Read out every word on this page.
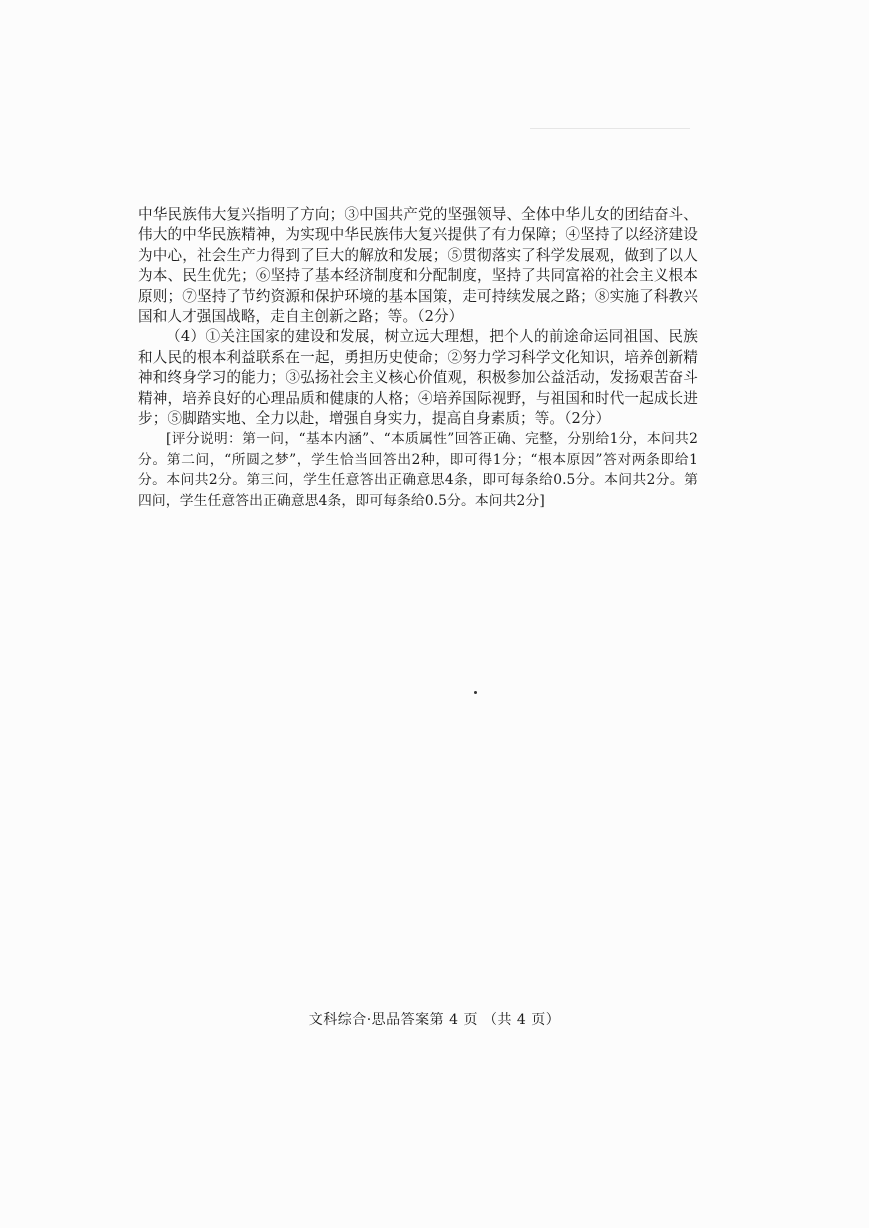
中华民族伟大复兴指明了方向；③中国共产党的坚强领导、全体中华儿女的团结奋斗、伟大的中华民族精神，为实现中华民族伟大复兴提供了有力保障；④坚持了以经济建设为中心，社会生产力得到了巨大的解放和发展；⑤贯彻落实了科学发展观，做到了以人为本、民生优先；⑥坚持了基本经济制度和分配制度，坚持了共同富裕的社会主义根本原则；⑦坚持了节约资源和保护环境的基本国策，走可持续发展之路；⑧实施了科教兴国和人才强国战略，走自主创新之路；等。（2分）

（4）①关注国家的建设和发展，树立远大理想，把个人的前途命运同祖国、民族和人民的根本利益联系在一起，勇担历史使命；②努力学习科学文化知识，培养创新精神和终身学习的能力；③弘扬社会主义核心价值观，积极参加公益活动，发扬艰苦奋斗精神，培养良好的心理品质和健康的人格；④培养国际视野，与祖国和时代一起成长进步；⑤脚踏实地、全力以赴，增强自身实力，提高自身素质；等。（2分）

[评分说明：第一问，“基本内涵”、“本质属性”回答正确、完整，分别给1分，本问共2分。第二问，“所圆之梦”，学生恰当回答出2种，即可得1分；“根本原因”答对两条即给1分。本问共2分。第三问，学生任意答出正确意思4条，即可每条给0.5分。本问共2分。第四问，学生任意答出正确意思4条，即可每条给0.5分。本问共2分]

文科综合·思品答案第 4 页 （共 4 页）
